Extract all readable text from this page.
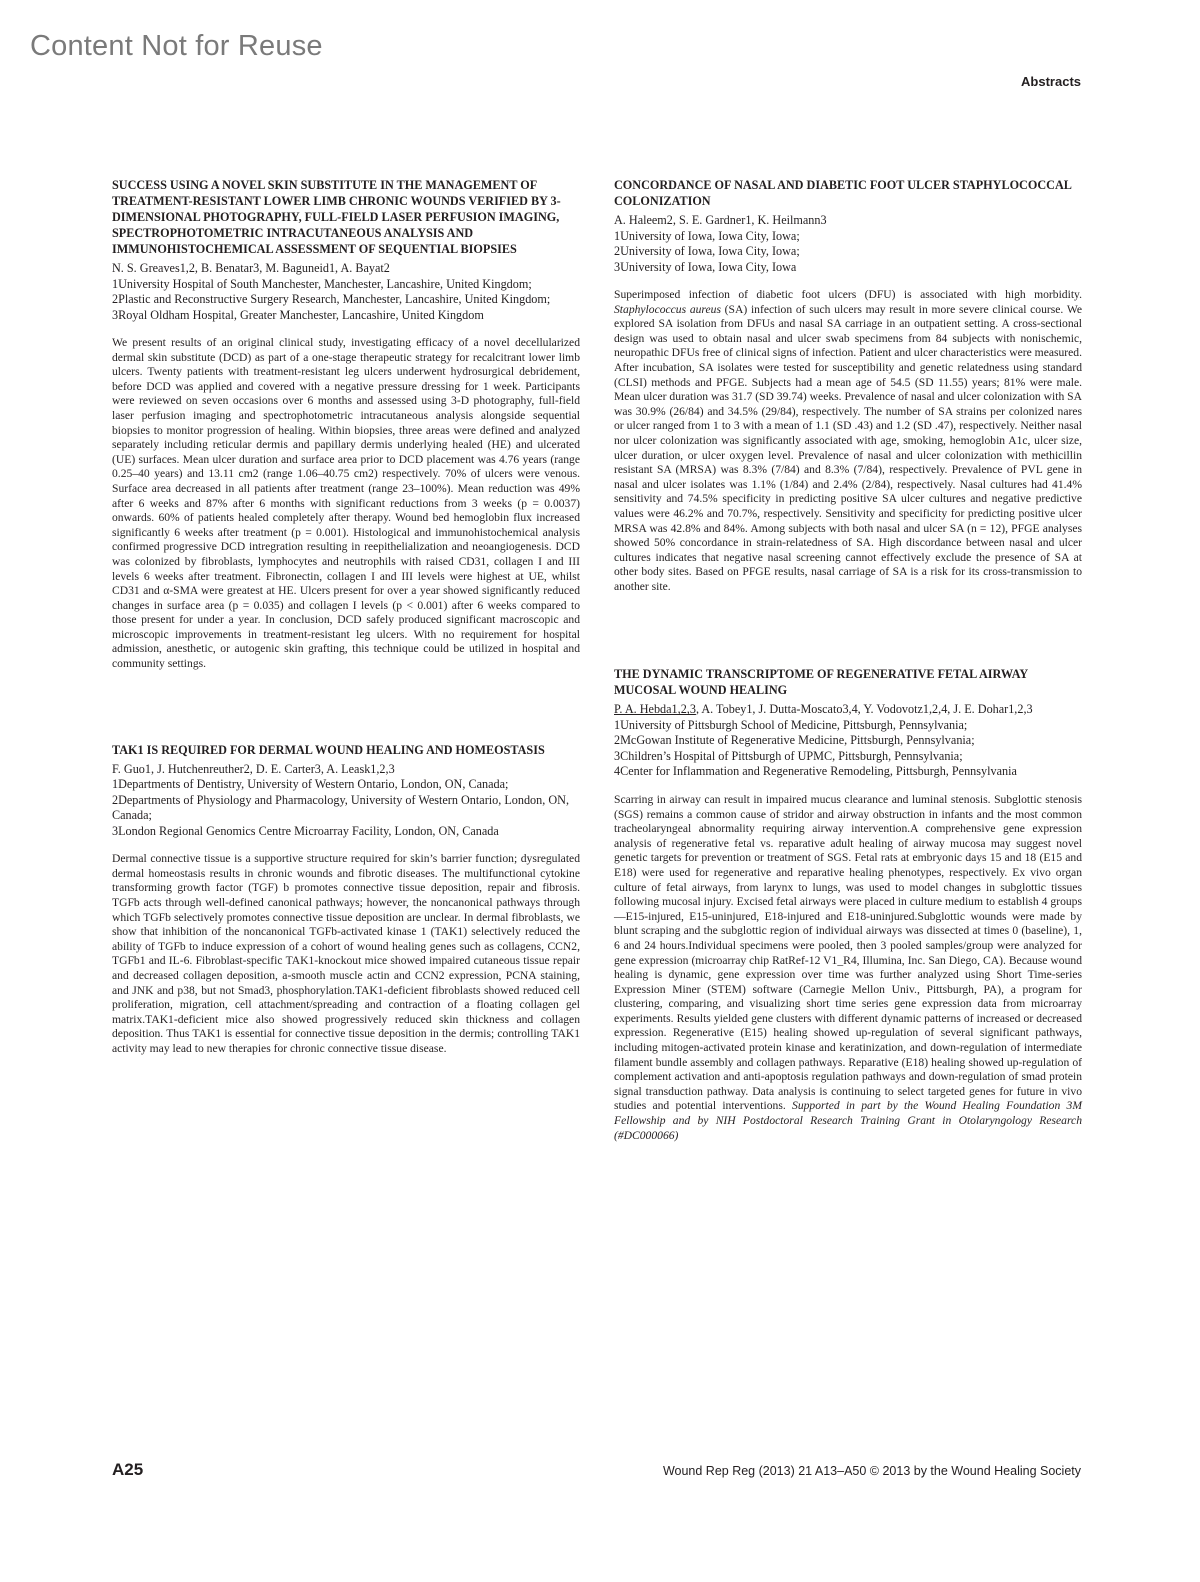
Content Not for Reuse
Abstracts
SUCCESS USING A NOVEL SKIN SUBSTITUTE IN THE MANAGEMENT OF TREATMENT-RESISTANT LOWER LIMB CHRONIC WOUNDS VERIFIED BY 3-DIMENSIONAL PHOTOGRAPHY, FULL-FIELD LASER PERFUSION IMAGING, SPECTROPHOTOMETRIC INTRACUTANEOUS ANALYSIS AND IMMUNOHISTOCHEMICAL ASSESSMENT OF SEQUENTIAL BIOPSIES

N. S. Greaves1,2, B. Benatar3, M. Baguneid1, A. Bayat2

1University Hospital of South Manchester, Manchester, Lancashire, United Kingdom;

2Plastic and Reconstructive Surgery Research, Manchester, Lancashire, United Kingdom;

3Royal Oldham Hospital, Greater Manchester, Lancashire, United Kingdom

We present results of an original clinical study, investigating efficacy of a novel decellularized dermal skin substitute (DCD) as part of a one-stage therapeutic strategy for recalcitrant lower limb ulcers. Twenty patients with treatment-resistant leg ulcers underwent hydrosurgical debridement, before DCD was applied and covered with a negative pressure dressing for 1 week. Participants were reviewed on seven occasions over 6 months and assessed using 3-D photography, full-field laser perfusion imaging and spectrophotometric intracutaneous analysis alongside sequential biopsies to monitor progression of healing. Within biopsies, three areas were defined and analyzed separately including reticular dermis and papillary dermis underlying healed (HE) and ulcerated (UE) surfaces. Mean ulcer duration and surface area prior to DCD placement was 4.76 years (range 0.25–40 years) and 13.11 cm2 (range 1.06–40.75 cm2) respectively. 70% of ulcers were venous. Surface area decreased in all patients after treatment (range 23–100%). Mean reduction was 49% after 6 weeks and 87% after 6 months with significant reductions from 3 weeks (p = 0.0037) onwards. 60% of patients healed completely after therapy. Wound bed hemoglobin flux increased significantly 6 weeks after treatment (p = 0.001). Histological and immunohistochemical analysis confirmed progressive DCD intregration resulting in reepithelialization and neoangiogenesis. DCD was colonized by fibroblasts, lymphocytes and neutrophils with raised CD31, collagen I and III levels 6 weeks after treatment. Fibronectin, collagen I and III levels were highest at UE, whilst CD31 and α-SMA were greatest at HE. Ulcers present for over a year showed significantly reduced changes in surface area (p = 0.035) and collagen I levels (p < 0.001) after 6 weeks compared to those present for under a year. In conclusion, DCD safely produced significant macroscopic and microscopic improvements in treatment-resistant leg ulcers. With no requirement for hospital admission, anesthetic, or autogenic skin grafting, this technique could be utilized in hospital and community settings.

TAK1 IS REQUIRED FOR DERMAL WOUND HEALING AND HOMEOSTASIS

F. Guo1, J. Hutchenreuther2, D. E. Carter3, A. Leask1,2,3

1Departments of Dentistry, University of Western Ontario, London, ON, Canada;

2Departments of Physiology and Pharmacology, University of Western Ontario, London, ON, Canada;

3London Regional Genomics Centre Microarray Facility, London, ON, Canada

Dermal connective tissue is a supportive structure required for skin’s barrier function; dysregulated dermal homeostasis results in chronic wounds and fibrotic diseases. The multifunctional cytokine transforming growth factor (TGF) b promotes connective tissue deposition, repair and fibrosis. TGFb acts through well-defined canonical pathways; however, the noncanonical pathways through which TGFb selectively promotes connective tissue deposition are unclear. In dermal fibroblasts, we show that inhibition of the noncanonical TGFb-activated kinase 1 (TAK1) selectively reduced the ability of TGFb to induce expression of a cohort of wound healing genes such as collagens, CCN2, TGFb1 and IL-6. Fibroblast-specific TAK1-knockout mice showed impaired cutaneous tissue repair and decreased collagen deposition, a-smooth muscle actin and CCN2 expression, PCNA staining, and JNK and p38, but not Smad3, phosphorylation.TAK1-deficient fibroblasts showed reduced cell proliferation, migration, cell attachment/spreading and contraction of a floating collagen gel matrix.TAK1-deficient mice also showed progressively reduced skin thickness and collagen deposition. Thus TAK1 is essential for connective tissue deposition in the dermis; controlling TAK1 activity may lead to new therapies for chronic connective tissue disease.

CONCORDANCE OF NASAL AND DIABETIC FOOT ULCER STAPHYLOCOCCAL COLONIZATION

A. Haleem2, S. E. Gardner1, K. Heilmann3

1University of Iowa, Iowa City, Iowa;

2University of Iowa, Iowa City, Iowa;

3University of Iowa, Iowa City, Iowa

Superimposed infection of diabetic foot ulcers (DFU) is associated with high morbidity. Staphylococcus aureus (SA) infection of such ulcers may result in more severe clinical course. We explored SA isolation from DFUs and nasal SA carriage in an outpatient setting. A cross-sectional design was used to obtain nasal and ulcer swab specimens from 84 subjects with nonischemic, neuropathic DFUs free of clinical signs of infection. Patient and ulcer characteristics were measured. After incubation, SA isolates were tested for susceptibility and genetic relatedness using standard (CLSI) methods and PFGE. Subjects had a mean age of 54.5 (SD 11.55) years; 81% were male. Mean ulcer duration was 31.7 (SD 39.74) weeks. Prevalence of nasal and ulcer colonization with SA was 30.9% (26/84) and 34.5% (29/84), respectively. The number of SA strains per colonized nares or ulcer ranged from 1 to 3 with a mean of 1.1 (SD .43) and 1.2 (SD .47), respectively. Neither nasal nor ulcer colonization was significantly associated with age, smoking, hemoglobin A1c, ulcer size, ulcer duration, or ulcer oxygen level. Prevalence of nasal and ulcer colonization with methicillin resistant SA (MRSA) was 8.3% (7/84) and 8.3% (7/84), respectively. Prevalence of PVL gene in nasal and ulcer isolates was 1.1% (1/84) and 2.4% (2/84), respectively. Nasal cultures had 41.4% sensitivity and 74.5% specificity in predicting positive SA ulcer cultures and negative predictive values were 46.2% and 70.7%, respectively. Sensitivity and specificity for predicting positive ulcer MRSA was 42.8% and 84%. Among subjects with both nasal and ulcer SA (n = 12), PFGE analyses showed 50% concordance in strain-relatedness of SA. High discordance between nasal and ulcer cultures indicates that negative nasal screening cannot effectively exclude the presence of SA at other body sites. Based on PFGE results, nasal carriage of SA is a risk for its cross-transmission to another site.

THE DYNAMIC TRANSCRIPTOME OF REGENERATIVE FETAL AIRWAY MUCOSAL WOUND HEALING

P. A. Hebda1,2,3, A. Tobey1, J. Dutta-Moscato3,4, Y. Vodovotz1,2,4, J. E. Dohar1,2,3

1University of Pittsburgh School of Medicine, Pittsburgh, Pennsylvania;

2McGowan Institute of Regenerative Medicine, Pittsburgh, Pennsylvania;

3Children’s Hospital of Pittsburgh of UPMC, Pittsburgh, Pennsylvania;

4Center for Inflammation and Regenerative Remodeling, Pittsburgh, Pennsylvania

Scarring in airway can result in impaired mucus clearance and luminal stenosis. Subglottic stenosis (SGS) remains a common cause of stridor and airway obstruction in infants and the most common tracheolaryngeal abnormality requiring airway intervention.A comprehensive gene expression analysis of regenerative fetal vs. reparative adult healing of airway mucosa may suggest novel genetic targets for prevention or treatment of SGS. Fetal rats at embryonic days 15 and 18 (E15 and E18) were used for regenerative and reparative healing phenotypes, respectively. Ex vivo organ culture of fetal airways, from larynx to lungs, was used to model changes in subglottic tissues following mucosal injury. Excised fetal airways were placed in culture medium to establish 4 groups—E15-injured, E15-uninjured, E18-injured and E18-uninjured.Subglottic wounds were made by blunt scraping and the subglottic region of individual airways was dissected at times 0 (baseline), 1, 6 and 24 hours.Individual specimens were pooled, then 3 pooled samples/group were analyzed for gene expression (microarray chip RatRef-12 V1_R4, Illumina, Inc. San Diego, CA). Because wound healing is dynamic, gene expression over time was further analyzed using Short Time-series Expression Miner (STEM) software (Carnegie Mellon Univ., Pittsburgh, PA), a program for clustering, comparing, and visualizing short time series gene expression data from microarray experiments. Results yielded gene clusters with different dynamic patterns of increased or decreased expression. Regenerative (E15) healing showed up-regulation of several significant pathways, including mitogen-activated protein kinase and keratinization, and down-regulation of intermediate filament bundle assembly and collagen pathways. Reparative (E18) healing showed up-regulation of complement activation and anti-apoptosis regulation pathways and down-regulation of smad protein signal transduction pathway. Data analysis is continuing to select targeted genes for future in vivo studies and potential interventions. Supported in part by the Wound Healing Foundation 3M Fellowship and by NIH Postdoctoral Research Training Grant in Otolaryngology Research (#DC000066)

A25	Wound Rep Reg (2013) 21 A13–A50 © 2013 by the Wound Healing Society
